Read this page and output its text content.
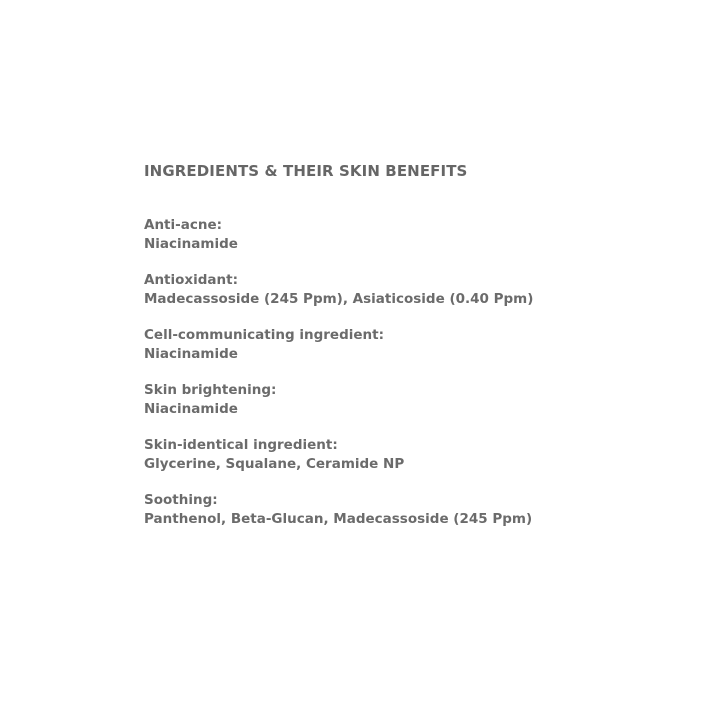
INGREDIENTS & THEIR SKIN BENEFITS
Anti-acne:
Niacinamide
Antioxidant:
Madecassoside (245 Ppm), Asiaticoside (0.40 Ppm)
Cell-communicating ingredient:
Niacinamide
Skin brightening:
Niacinamide
Skin-identical ingredient:
Glycerine, Squalane, Ceramide NP
Soothing:
Panthenol, Beta-Glucan, Madecassoside (245 Ppm)
